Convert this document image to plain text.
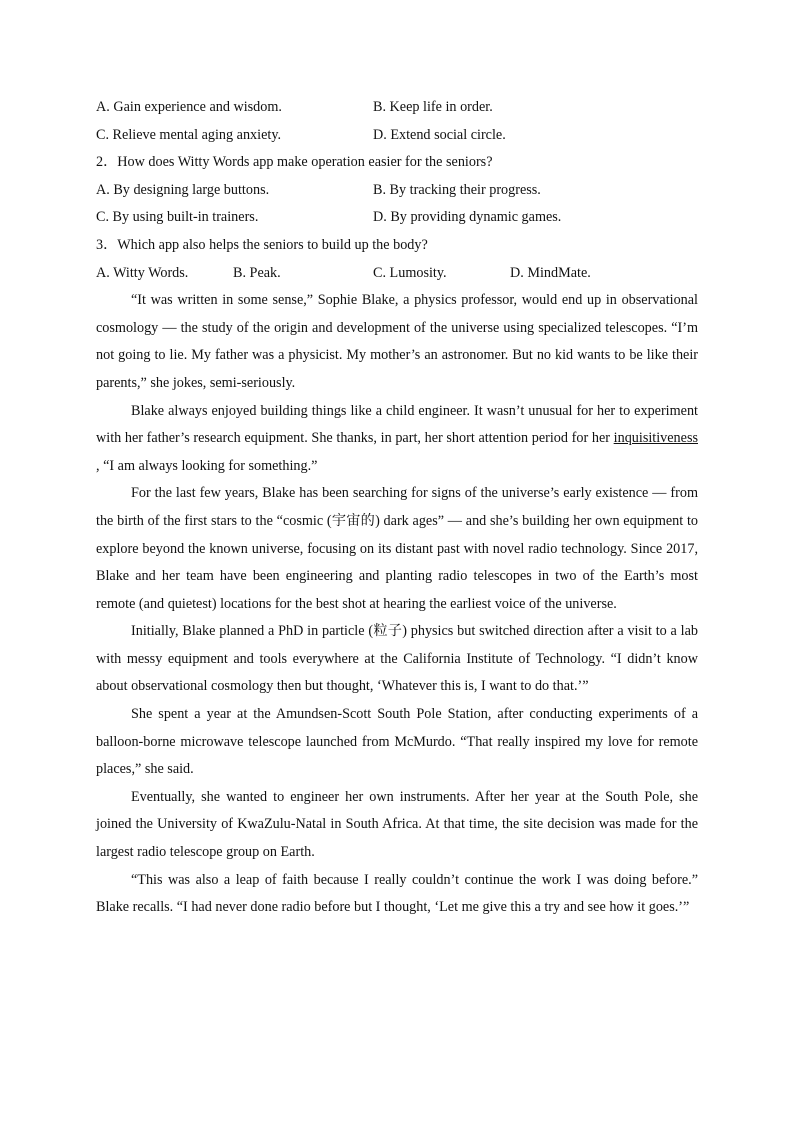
A. Gain experience and wisdom.	B. Keep life in order.
C. Relieve mental aging anxiety.	D. Extend social circle.
2．How does Witty Words app make operation easier for the seniors?
A. By designing large buttons.	B. By tracking their progress.
C. By using built-in trainers.	D. By providing dynamic games.
3．Which app also helps the seniors to build up the body?
A. Witty Words.	B. Peak.	C. Lumosity.	D. MindMate.

“It was written in some sense,” Sophie Blake, a physics professor, would end up in observational cosmology — the study of the origin and development of the universe using specialized telescopes. “I’m not going to lie. My father was a physicist. My mother’s an astronomer. But no kid wants to be like their parents,” she jokes, semi-seriously.

Blake always enjoyed building things like a child engineer. It wasn’t unusual for her to experiment with her father’s research equipment. She thanks, in part, her short attention period for her inquisitiveness , “I am always looking for something.”

For the last few years, Blake has been searching for signs of the universe’s early existence — from the birth of the first stars to the “cosmic (宇宙的) dark ages” — and she’s building her own equipment to explore beyond the known universe, focusing on its distant past with novel radio technology. Since 2017, Blake and her team have been engineering and planting radio telescopes in two of the Earth’s most remote (and quietest) locations for the best shot at hearing the earliest voice of the universe.

Initially, Blake planned a PhD in particle (粒子) physics but switched direction after a visit to a lab with messy equipment and tools everywhere at the California Institute of Technology. “I didn’t know about observational cosmology then but thought, ‘Whatever this is, I want to do that.’”

She spent a year at the Amundsen-Scott South Pole Station, after conducting experiments of a balloon-borne microwave telescope launched from McMurdo. “That really inspired my love for remote places,” she said.

Eventually, she wanted to engineer her own instruments. After her year at the South Pole, she joined the University of KwaZulu-Natal in South Africa. At that time, the site decision was made for the largest radio telescope group on Earth.

“This was also a leap of faith because I really couldn’t continue the work I was doing before.” Blake recalls. “I had never done radio before but I thought, ‘Let me give this a try and see how it goes.’”
